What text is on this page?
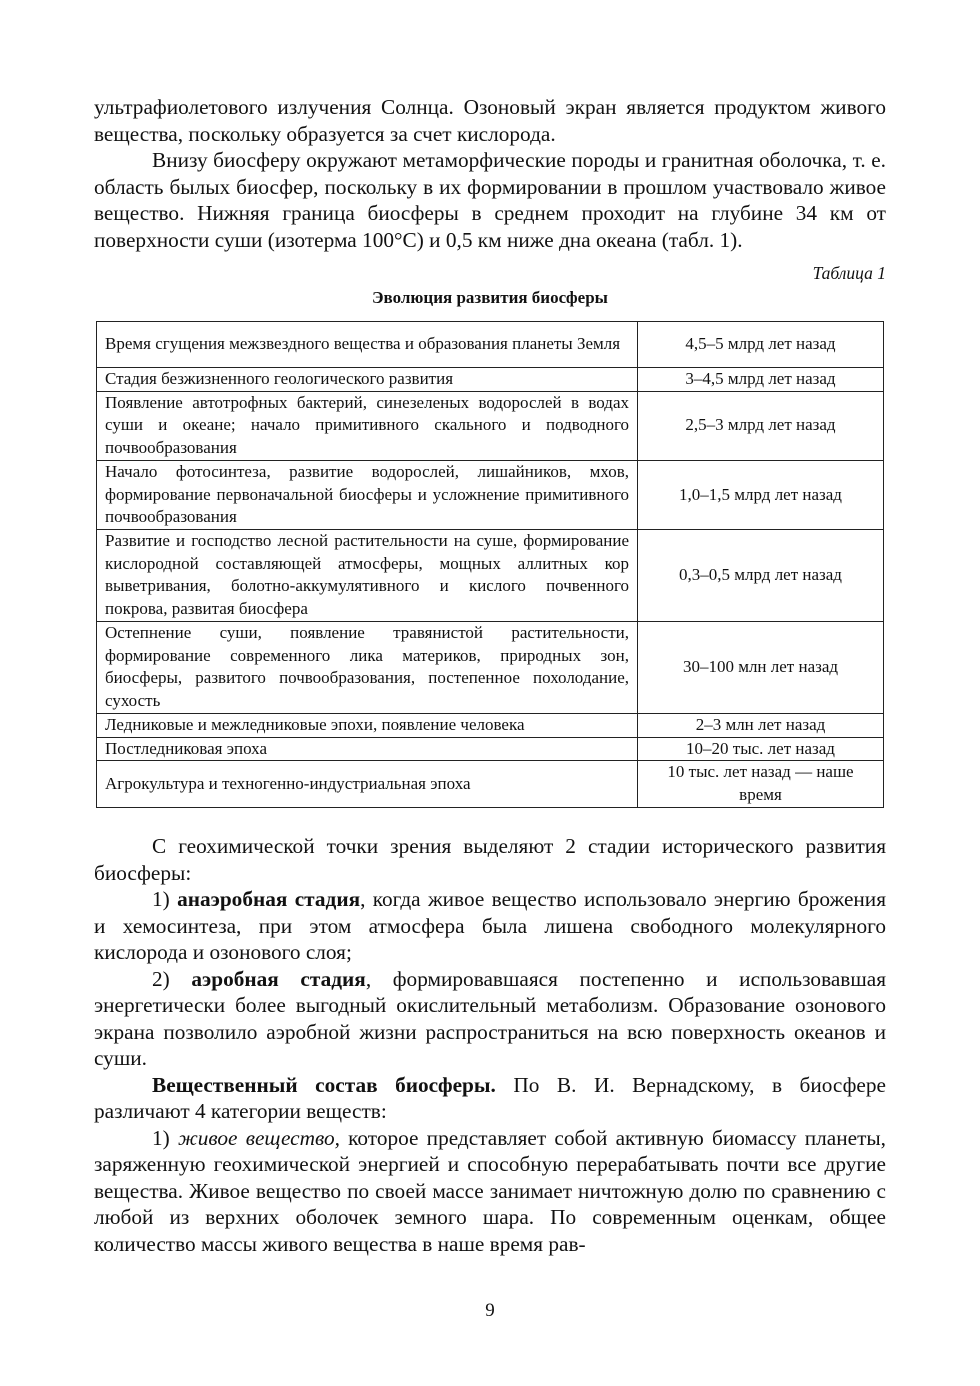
ультрафиолетового излучения Солнца. Озоновый экран является продуктом живого вещества, поскольку образуется за счет кислорода.

Внизу биосферу окружают метаморфические породы и гранитная оболочка, т. е. область былых биосфер, поскольку в их формировании в прошлом участвовало живое вещество. Нижняя граница биосферы в среднем проходит на глубине 34 км от поверхности суши (изотерма 100°С) и 0,5 км ниже дна океана (табл. 1).

Таблица 1
Эволюция развития биосферы
Время сгущения межзвездного вещества и образования планеты Земля	4,5–5 млрд лет назад
Стадия безжизненного геологического развития	3–4,5 млрд лет назад
Появление автотрофных бактерий, синезеленых водорослей в водах суши и океане; начало примитивного скального и подводного почвообразования	2,5–3 млрд лет назад
Начало фотосинтеза, развитие водорослей, лишайников, мхов, формирование первоначальной биосферы и усложнение примитивного почвообразования	1,0–1,5 млрд лет назад
Развитие и господство лесной растительности на суше, формирование кислородной составляющей атмосферы, мощных аллитных кор выветривания, болотно-аккумулятивного и кислого почвенного покрова, развитая биосфера	0,3–0,5 млрд лет назад
Остепнение суши, появление травянистой растительности, формирование современного лика материков, природных зон, биосферы, развитого почвообразования, постепенное похолодание, сухость	30–100 млн лет назад
Ледниковые и межледниковые эпохи, появление человека	2–3 млн лет назад
Постледниковая эпоха	10–20 тыс. лет назад
Агрокультура и техногенно-индустриальная эпоха	10 тыс. лет назад — наше время

С геохимической точки зрения выделяют 2 стадии исторического развития биосферы:

1) анаэробная стадия, когда живое вещество использовало энергию брожения и хемосинтеза, при этом атмосфера была лишена свободного молекулярного кислорода и озонового слоя;

2) аэробная стадия, формировавшаяся постепенно и использовавшая энергетически более выгодный окислительный метаболизм. Образование озонового экрана позволило аэробной жизни распространиться на всю поверхность океанов и суши.

Вещественный состав биосферы. По В. И. Вернадскому, в биосфере различают 4 категории веществ:

1) живое вещество, которое представляет собой активную биомассу планеты, заряженную геохимической энергией и способную перерабатывать почти все другие вещества. Живое вещество по своей массе занимает ничтожную долю по сравнению с любой из верхних оболочек земного шара. По современным оценкам, общее количество массы живого вещества в наше время рав-

9
